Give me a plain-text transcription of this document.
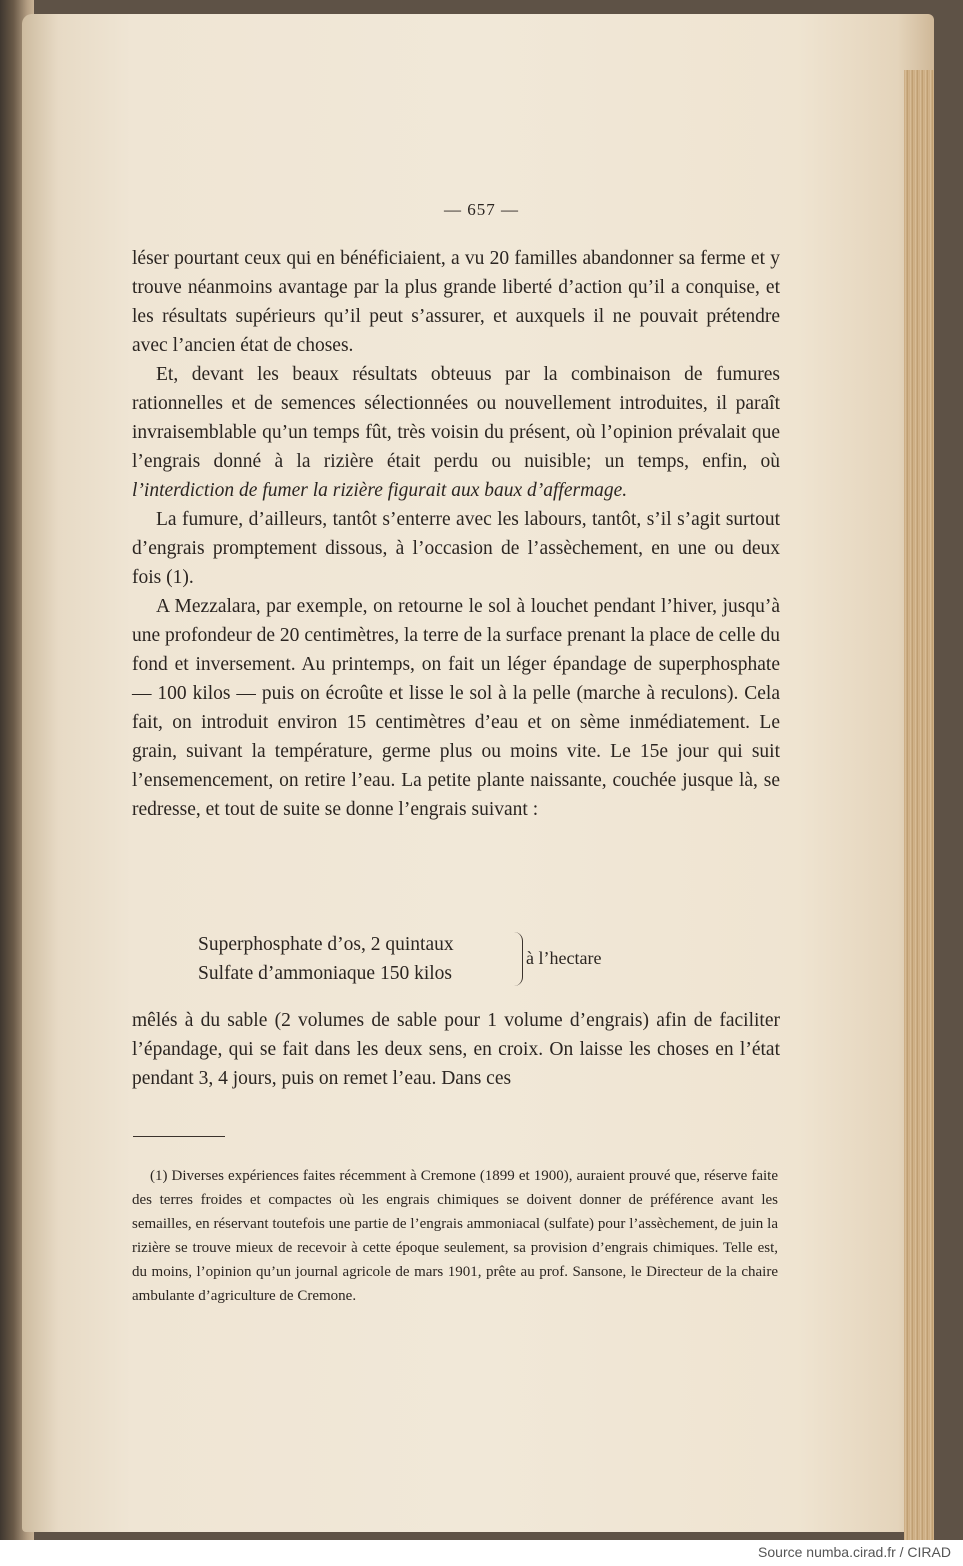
— 657 —

léser pourtant ceux qui en bénéficiaient, a vu 20 familles abandonner sa ferme et y trouve néanmoins avantage par la plus grande liberté d’action qu’il a conquise, et les résultats supérieurs qu’il peut s’assurer, et auxquels il ne pouvait prétendre avec l’ancien état de choses.

Et, devant les beaux résultats obteuus par la combinaison de fumures rationnelles et de semences sélectionnées ou nouvellement introduites, il paraît invraisemblable qu’un temps fût, très voisin du présent, où l’opinion prévalait que l’engrais donné à la rizière était perdu ou nuisible; un temps, enfin, où l’interdiction de fumer la rizière figurait aux baux d’affermage.

La fumure, d’ailleurs, tantôt s’enterre avec les labours, tantôt, s’il s’agit surtout d’engrais promptement dissous, à l’occasion de l’assèchement, en une ou deux fois (1).

A Mezzalara, par exemple, on retourne le sol à louchet pendant l’hiver, jusqu’à une profondeur de 20 centimètres, la terre de la surface prenant la place de celle du fond et inversement. Au printemps, on fait un léger épandage de superphosphate — 100 kilos — puis on écroûte et lisse le sol à la pelle (marche à reculons). Cela fait, on introduit environ 15 centimètres d’eau et on sème inmédiatement. Le grain, suivant la température, germe plus ou moins vite. Le 15e jour qui suit l’ensemencement, on retire l’eau. La petite plante naissante, couchée jusque là, se redresse, et tout de suite se donne l’engrais suivant :

Superphosphate d’os, 2 quintaux
Sulfate d’ammoniaque 150 kilos
à l’hectare
mêlés à du sable (2 volumes de sable pour 1 volume d’engrais) afin de faciliter l’épandage, qui se fait dans les deux sens, en croix. On laisse les choses en l’état pendant 3, 4 jours, puis on remet l’eau. Dans ces

(1) Diverses expériences faites récemment à Cremone (1899 et 1900), auraient prouvé que, réserve faite des terres froides et compactes où les engrais chimiques se doivent donner de préférence avant les semailles, en réservant toutefois une partie de l’engrais ammoniacal (sulfate) pour l’assèchement, de juin la rizière se trouve mieux de recevoir à cette époque seulement, sa provision d’engrais chimiques. Telle est, du moins, l’opinion qu’un journal agricole de mars 1901, prête au prof. Sansone, le Directeur de la chaire ambulante d’agriculture de Cremone.

Source numba.cirad.fr / CIRAD
